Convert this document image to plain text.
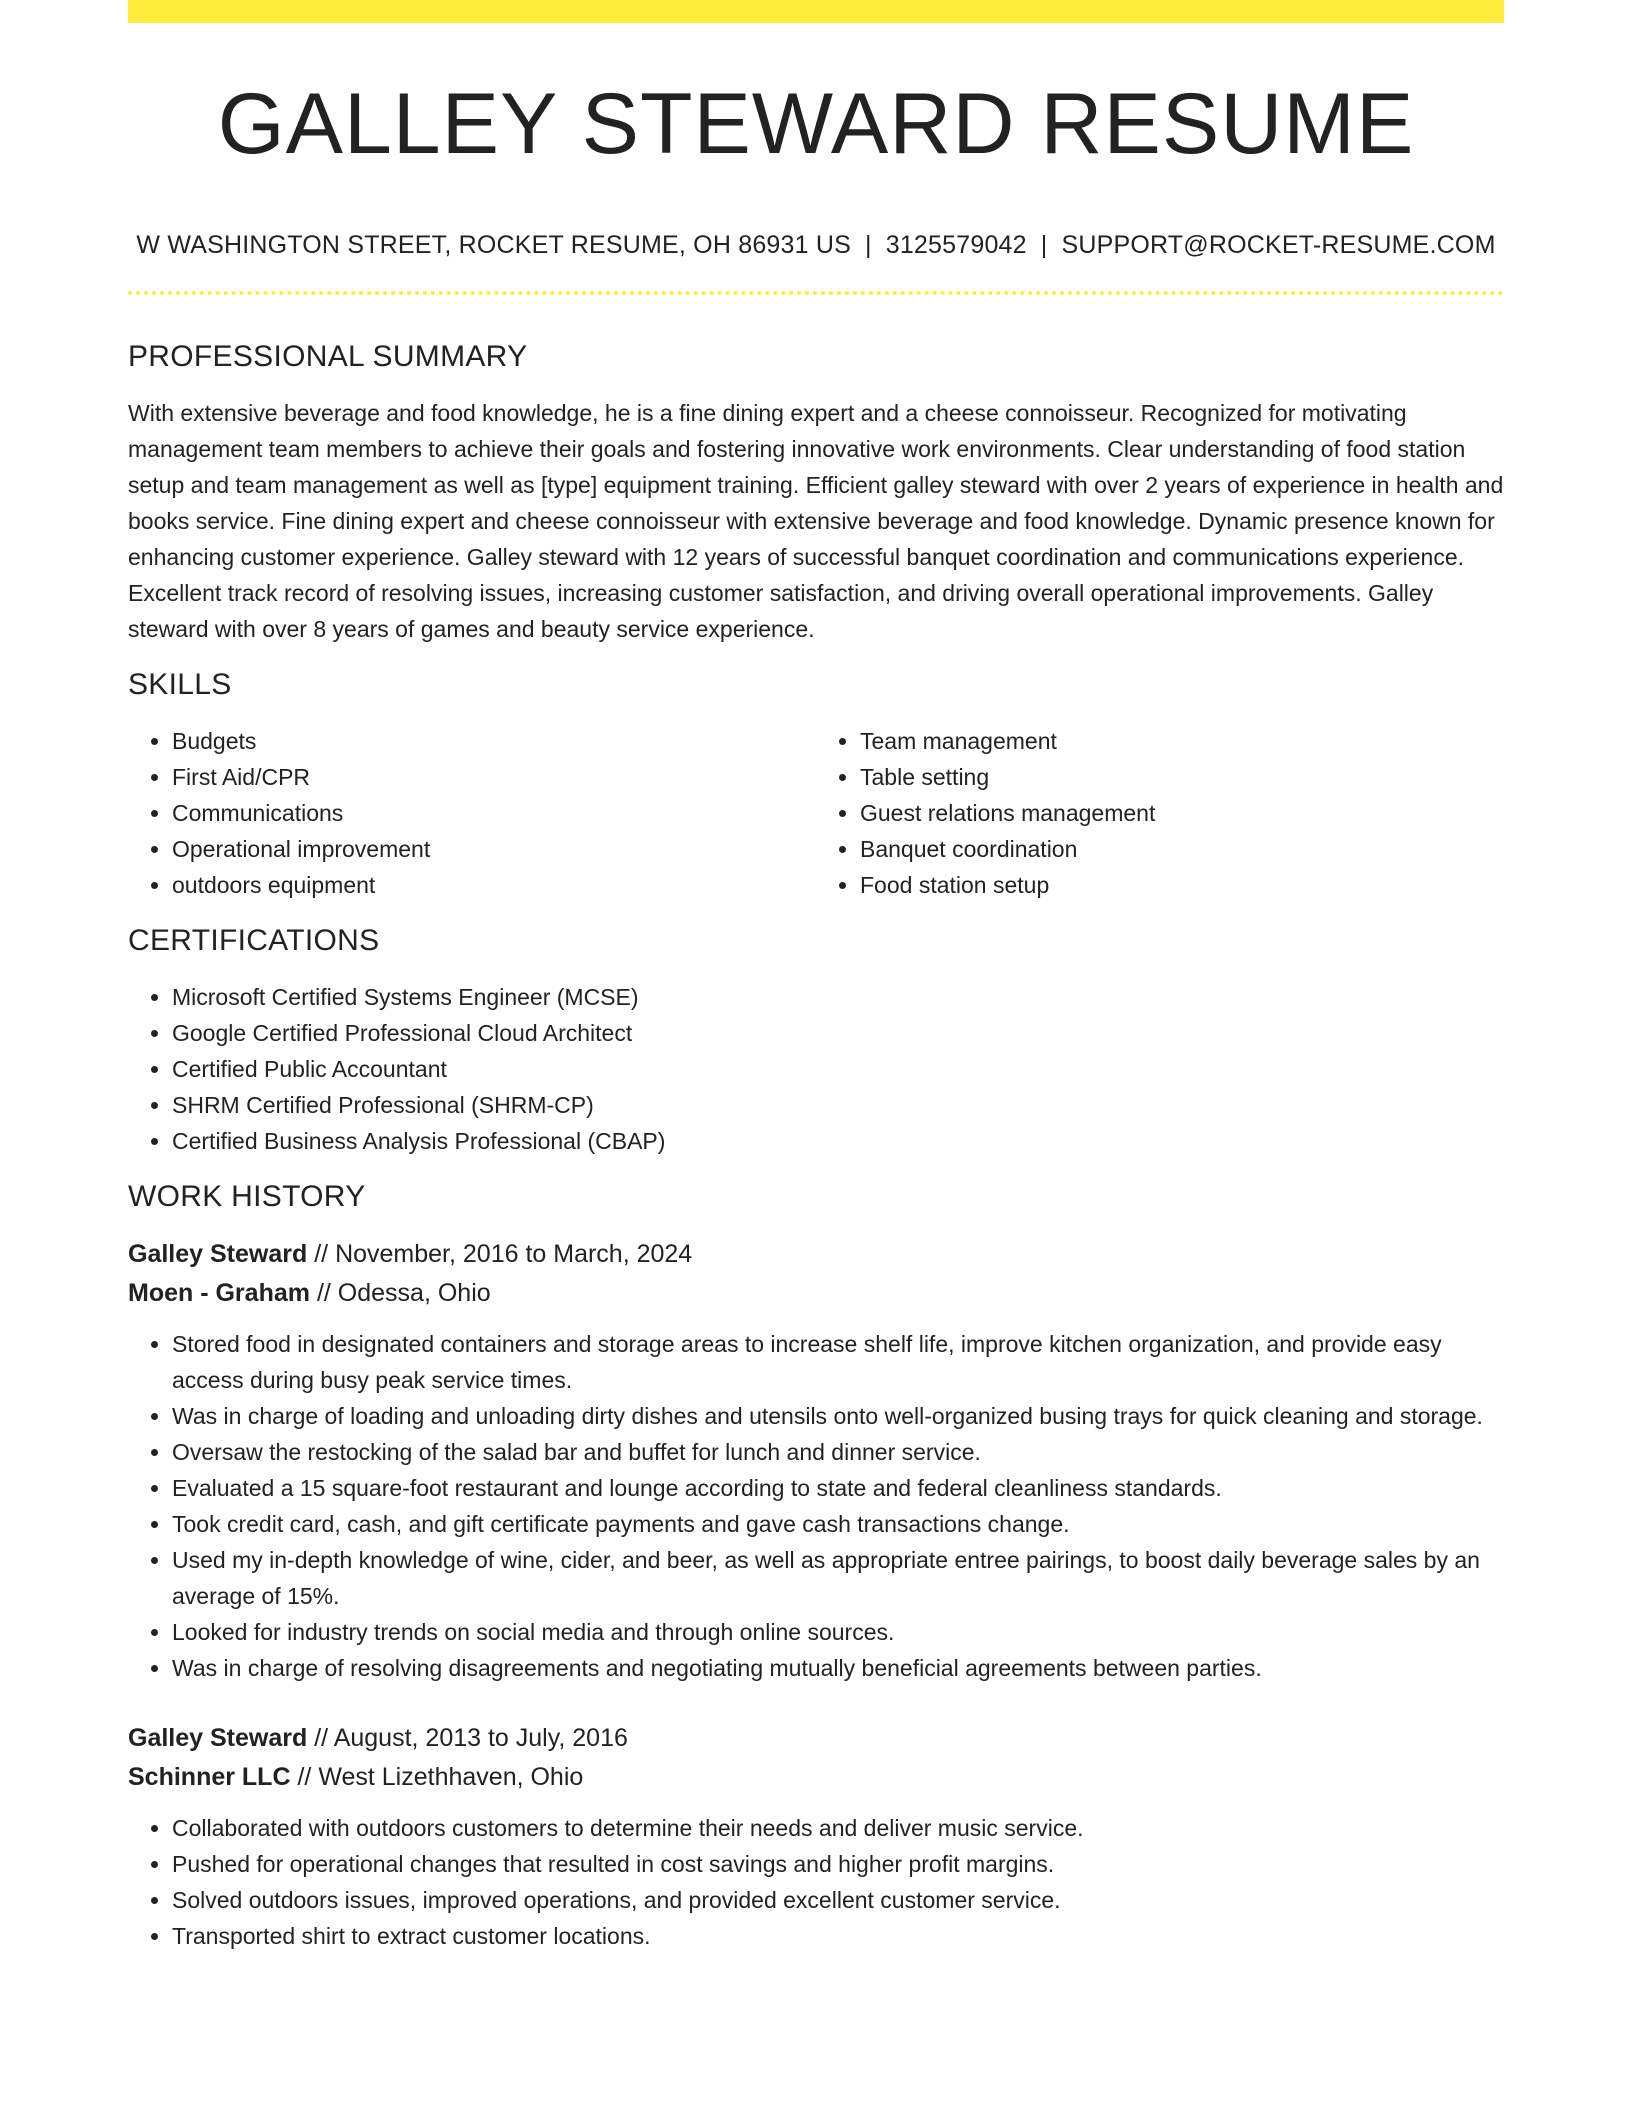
GALLEY STEWARD RESUME
W WASHINGTON STREET, ROCKET RESUME, OH 86931 US | 3125579042 | SUPPORT@ROCKET-RESUME.COM
PROFESSIONAL SUMMARY
With extensive beverage and food knowledge, he is a fine dining expert and a cheese connoisseur. Recognized for motivating management team members to achieve their goals and fostering innovative work environments. Clear understanding of food station setup and team management as well as [type] equipment training. Efficient galley steward with over 2 years of experience in health and books service. Fine dining expert and cheese connoisseur with extensive beverage and food knowledge. Dynamic presence known for enhancing customer experience. Galley steward with 12 years of successful banquet coordination and communications experience. Excellent track record of resolving issues, increasing customer satisfaction, and driving overall operational improvements. Galley steward with over 8 years of games and beauty service experience.
SKILLS
• Budgets
• First Aid/CPR
• Communications
• Operational improvement
• outdoors equipment
• Team management
• Table setting
• Guest relations management
• Banquet coordination
• Food station setup
CERTIFICATIONS
• Microsoft Certified Systems Engineer (MCSE)
• Google Certified Professional Cloud Architect
• Certified Public Accountant
• SHRM Certified Professional (SHRM-CP)
• Certified Business Analysis Professional (CBAP)
WORK HISTORY
Galley Steward // November, 2016 to March, 2024
Moen - Graham // Odessa, Ohio
• Stored food in designated containers and storage areas to increase shelf life, improve kitchen organization, and provide easy access during busy peak service times.
• Was in charge of loading and unloading dirty dishes and utensils onto well-organized busing trays for quick cleaning and storage.
• Oversaw the restocking of the salad bar and buffet for lunch and dinner service.
• Evaluated a 15 square-foot restaurant and lounge according to state and federal cleanliness standards.
• Took credit card, cash, and gift certificate payments and gave cash transactions change.
• Used my in-depth knowledge of wine, cider, and beer, as well as appropriate entree pairings, to boost daily beverage sales by an average of 15%.
• Looked for industry trends on social media and through online sources.
• Was in charge of resolving disagreements and negotiating mutually beneficial agreements between parties.
Galley Steward // August, 2013 to July, 2016
Schinner LLC // West Lizethhaven, Ohio
• Collaborated with outdoors customers to determine their needs and deliver music service.
• Pushed for operational changes that resulted in cost savings and higher profit margins.
• Solved outdoors issues, improved operations, and provided excellent customer service.
• Transported shirt to extract customer locations.
